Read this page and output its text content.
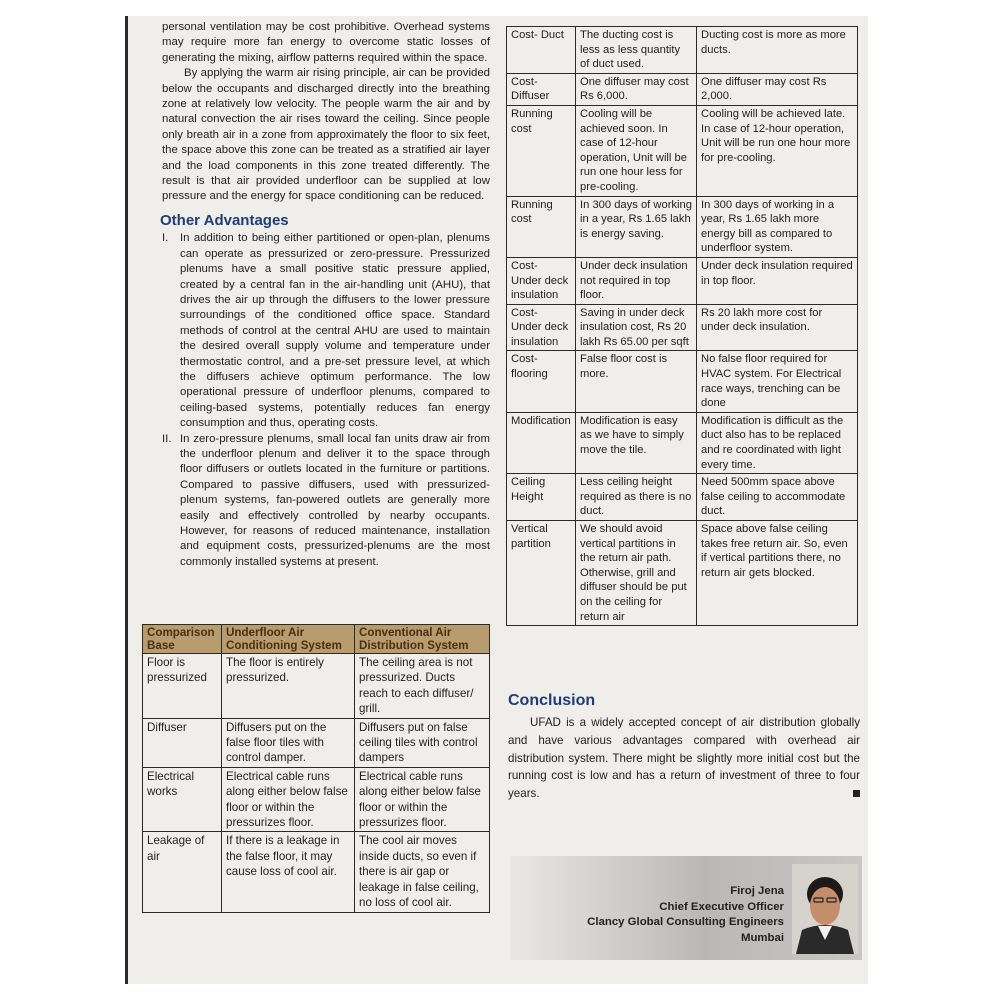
personal ventilation may be cost prohibitive. Overhead systems may require more fan energy to overcome static losses of generating the mixing, airflow patterns required within the space.

By applying the warm air rising principle, air can be provided below the occupants and discharged directly into the breathing zone at relatively low velocity. The people warm the air and by natural convection the air rises toward the ceiling. Since people only breath air in a zone from approximately the floor to six feet, the space above this zone can be treated as a stratified air layer and the load components in this zone treated differently. The result is that air provided underfloor can be supplied at low pressure and the energy for space conditioning can be reduced.

Other Advantages
I.	In addition to being either partitioned or open-plan, plenums can operate as pressurized or zero-pressure. Pressurized plenums have a small positive static pressure applied, created by a central fan in the air-handling unit (AHU), that drives the air up through the diffusers to the lower pressure surroundings of the conditioned office space. Standard methods of control at the central AHU are used to maintain the desired overall supply volume and temperature under thermostatic control, and a pre-set pressure level, at which the diffusers achieve optimum performance. The low operational pressure of underfloor plenums, compared to ceiling-based systems, potentially reduces fan energy consumption and thus, operating costs.
II. In zero-pressure plenums, small local fan units draw air from the underfloor plenum and deliver it to the space through floor diffusers or outlets located in the furniture or partitions. Compared to passive diffusers, used with pressurized-plenum systems, fan-powered outlets are generally more easily and effectively controlled by nearby occupants. However, for reasons of reduced maintenance, installation and equipment costs, pressurized-plenums are the most commonly installed systems at present.
Comparison Base	Underfloor Air Conditioning System	Conventional Air Distribution System
Floor is pressurized	The floor is entirely pressurized.	The ceiling area is not pressurized. Ducts reach to each diffuser/ grill.
Diffuser	Diffusers put on the false floor tiles with control damper.	Diffusers put on false ceiling tiles with control dampers
Electrical works	Electrical cable runs along either below false floor or within the pressurizes floor.	Electrical cable runs along either below false floor or within the pressurizes floor.
Leakage of air	If there is a leakage in the false floor, it may cause loss of cool air.	The cool air moves inside ducts, so even if there is air gap or leakage in false ceiling, no loss of cool air.
Cost- Duct	The ducting cost is less as less quantity of duct used.	Ducting cost is more as more ducts.
Cost- Diffuser	One diffuser may cost Rs 6,000.	One diffuser may cost Rs 2,000.
Running cost	Cooling will be achieved soon. In case of 12-hour operation, Unit will be run one hour less for pre-cooling.	Cooling will be achieved late. In case of 12-hour operation, Unit will be run one hour more for pre-cooling.
Running cost	In 300 days of working in a year, Rs 1.65 lakh is energy saving.	In 300 days of working in a year, Rs 1.65 lakh more energy bill as compared to underfloor system.
Cost- Under deck insulation	Under deck insulation not required in top floor.	Under deck insulation required in top floor.
Cost- Under deck insulation	Saving in under deck insulation cost, Rs 20 lakh Rs 65.00 per sqft	Rs 20 lakh more cost for under deck insulation.
Cost- flooring	False floor cost is more.	No false floor required for HVAC system. For Electrical race ways, trenching can be done
Modification	Modification is easy as we have to simply move the tile.	Modification is difficult as the duct also has to be replaced and re coordinated with light every time.
Ceiling Height	Less ceiling height required as there is no duct.	Need 500mm space above false ceiling to accommodate duct.
Vertical partition	We should avoid vertical partitions in the return air path. Otherwise, grill and diffuser should be put on the ceiling for return air	Space above false ceiling takes free return air. So, even if vertical partitions there, no return air gets blocked.
Conclusion

UFAD is a widely accepted concept of air distribution globally and have various advantages compared with overhead air distribution system. There might be slightly more initial cost but the running cost is low and has a return of investment of three to four years.

Firoj Jena
Chief Executive Officer
Clancy Global Consulting Engineers
Mumbai
